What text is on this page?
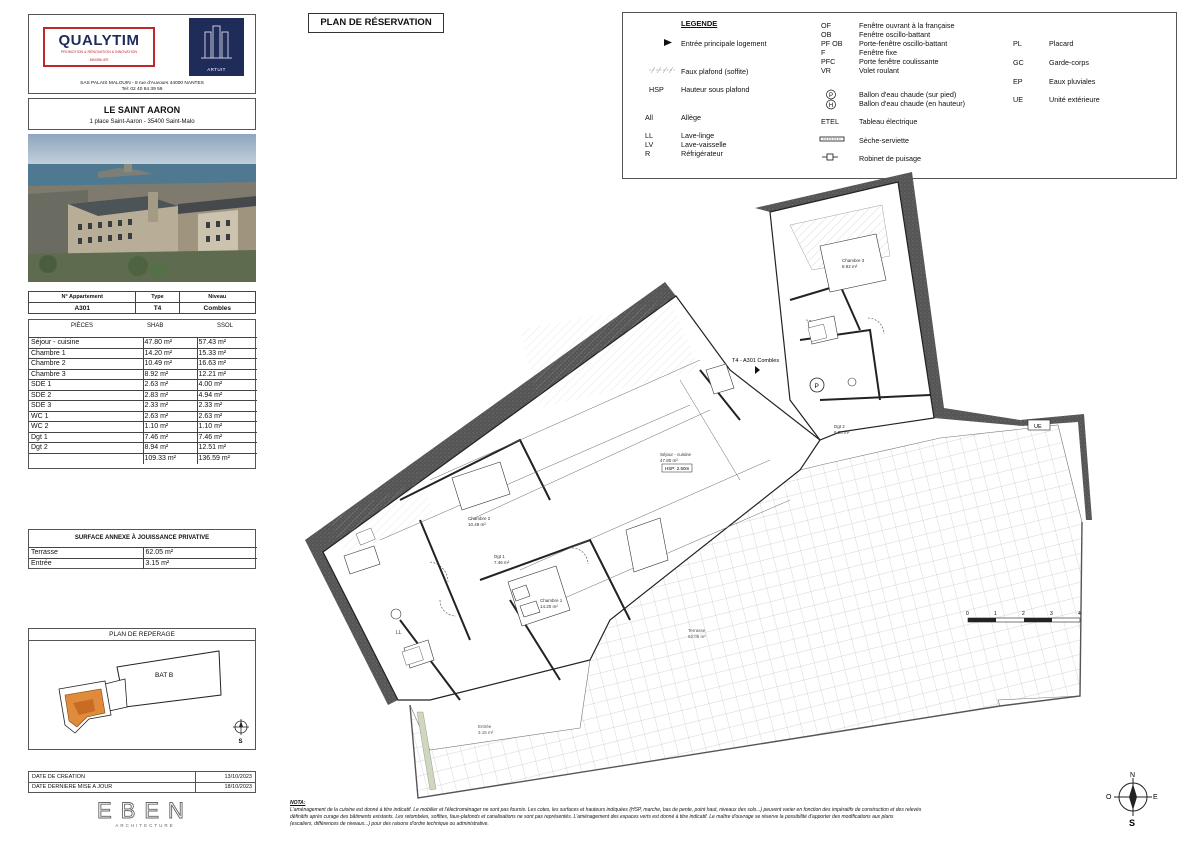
QUALYTIM
PROMOTION & RÉNOVATION & INNOVATION
IMMOBILIER
ARTUIT
SAS PALAIS MALOUIN - 8 rue d'Auvours 44000 NANTES
Tel: 02 40 84 39 59
LE SAINT AARON
1 place Saint-Aaron - 35400 Saint-Malo
N° Appartement	Type	Niveau
A301	T4	Combles
PIÈCES	SHAB	SSOL
Séjour - cuisine	47.80 m²	57.43 m²
Chambre 1	14.20 m²	15.33 m²
Chambre 2	10.49 m²	16.63 m²
Chambre 3	8.92 m²	12.21 m²
SDE 1	2.63 m²	4.00 m²
SDE 2	2.83 m²	4.94 m²
SDE 3	2.33 m²	2.33 m²
WC 1	2.63 m²	2.63 m²
WC 2	1.10 m²	1.10 m²
Dgt 1	7.46 m²	7.46 m²
Dgt 2	8.94 m²	12.51 m²
	109.33 m²	136.59 m²
SURFACE ANNEXE À JOUISSANCE PRIVATIVE
Terrasse	62.05 m²
Entrée	3.15 m²
PLAN DE REPERAGE
BAT B
S
DATE DE CREATION	13/10/2023
DATE DERNIERE MISE A JOUR	18/10/2023
EBEN
ARCHITECTURE
PLAN DE RÉSERVATION	LEGENDE
Entrée principale logement
Faux plafond (soffite)
HSP Hauteur sous plafond
All	Allège
LL	Lave-linge
LV	Lave-vaisselle
R	Réfrigérateur
OF	Fenêtre ouvrant à la française
OB	Fenêtre oscillo-battant
PF OB Porte-fenêtre oscillo-battant
F	Fenêtre fixe
PFC	Porte fenêtre coulissante
VR	Volet roulant
P
H
Ballon d'eau chaude (sur pied)
Ballon d'eau chaude (en hauteur)
ETEL	Tableau électrique
Sèche-serviette
Robinet de puisage
PL	Placard
GC	Garde-corps
EP	Eaux pluviales
UE	Unité extérieure
UE
Terrasse
62.05 m²
Entrée
3.15 m²
Séjour - cuisine
47.80 m²
Chambre 1
14.20 m²
Chambre 2
10.49 m²
Chambre 3
8.92 m²
Dgt 1
7.46 m²
Dgt 2
8.94 m²
LL
HSP: 2.50m
T4 - A301 Combles
P
0	1	2	3	4
N
S
E
O
NOTA:
L'aménagement de la cuisine est donné à titre indicatif. Le mobilier et l'électroménager ne sont pas fournis. Les cotes, les surfaces et hauteurs indiquées (HSP, marche, bas de pente, point haut, niveaux des sols...) peuvent varier en fonction des impératifs de construction et des relevés
définitifs après curage des bâtiments existants. Les retombées, soffites, faux-plafonds et canalisations ne sont pas représentés. L'aménagement des espaces verts est donné à titre indicatif. Le maître d'ouvrage se réserve la possibilité d'apporter des modifications aux plans
(escaliers, différences de niveaux...) pour des raisons d'ordre technique ou administrative.
